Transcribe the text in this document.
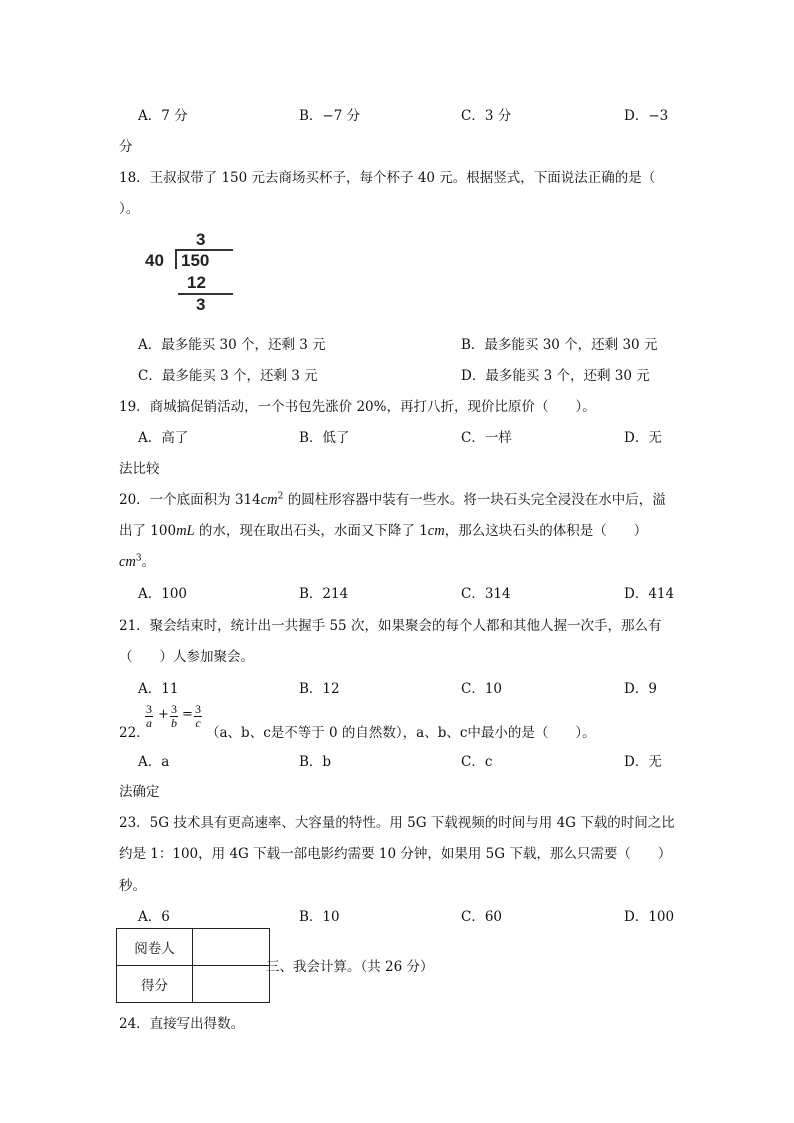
A．7 分	B．−7 分	C．3 分	D．−3
分
18．王叔叔带了 150 元去商场买杯子，每个杯子 40 元。根据竖式，下面说法正确的是（
）。
3
40 150
12
3
A．最多能买 30 个，还剩 3 元	B．最多能买 30 个，还剩 30 元
C．最多能买 3 个，还剩 3 元	D．最多能买 3 个，还剩 30 元
19．商城搞促销活动，一个书包先涨价 20%，再打八折，现价比原价（　　）。
A．高了	B．低了	C．一样	D．无
法比较
20．一个底面积为 $314cm^2$ 的圆柱形容器中装有一些水。将一块石头完全浸没在水中后，溢
出了 100mL 的水，现在取出石头，水面又下降了 1cm，那么这块石头的体积是（　　）
$cm^3$。
A．100	B．214	C．314	D．414
21．聚会结束时，统计出一共握手 55 次，如果聚会的每个人都和其他人握一次手，那么有
（　　）人参加聚会。
A．11	B．12	C．10	D．9
22．
$\frac{3}{a} + \frac{3}{b} = \frac{3}{c}$
（a、b、c是不等于 0 的自然数），a、b、c中最小的是（　　）。
A．a	B．b	C．c	D．无
法确定
23．5G 技术具有更高速率、大容量的特性。用 5G 下载视频的时间与用 4G 下载的时间之比
约是 1：100，用 4G 下载一部电影约需要 10 分钟，如果用 5G 下载，那么只需要（　　）
秒。
A．6	B．10	C．60	D．100
阅卷人	
得分	
三、我会计算。（共 26 分）
24．直接写出得数。
